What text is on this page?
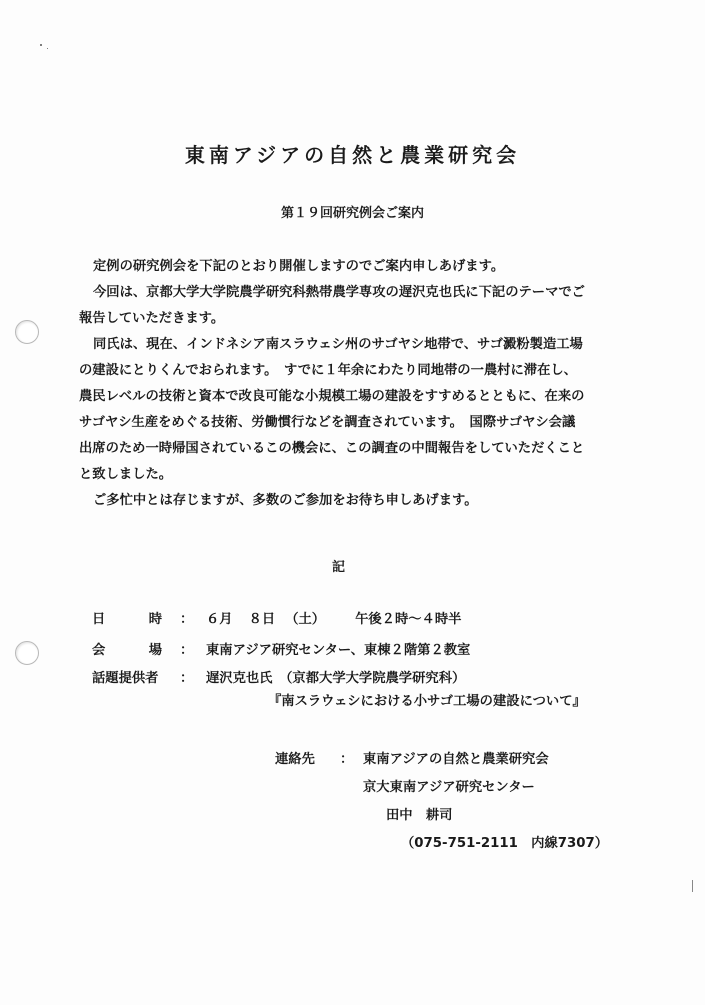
東南アジアの自然と農業研究会
第１９回研究例会ご案内

定例の研究例会を下記のとおり開催しますのでご案内申しあげます。

今回は、京都大学大学院農学研究科熱帯農学専攻の遅沢克也氏に下記のテーマでご

報告していただきます。

同氏は、現在、インドネシア南スラウェシ州のサゴヤシ地帯で、サゴ澱粉製造工場

の建設にとりくんでおられます。　すでに１年余にわたり同地帯の一農村に滞在し、

農民レベルの技術と資本で改良可能な小規模工場の建設をすすめるとともに、在来の

サゴヤシ生産をめぐる技術、労働慣行などを調査されています。　国際サゴヤシ会議

出席のため一時帰国されているこの機会に、この調査の中間報告をしていただくこと

と致しました。

ご多忙中とは存じますが、多数のご参加をお待ち申しあげます。

記
日	時 ： ６月 ８日 （土） 午後２時～４時半
会	場 ： 東南アジア研究センター、東棟２階第２教室
話題提供者 ： 遅沢克也氏　（京都大学大学院農学研究科）
『南スラウェシにおける小サゴ工場の建設について』
連絡先 ： 東南アジアの自然と農業研究会
京大東南アジア研究センター
田中　耕司
（075-751-2111　内線7307）
